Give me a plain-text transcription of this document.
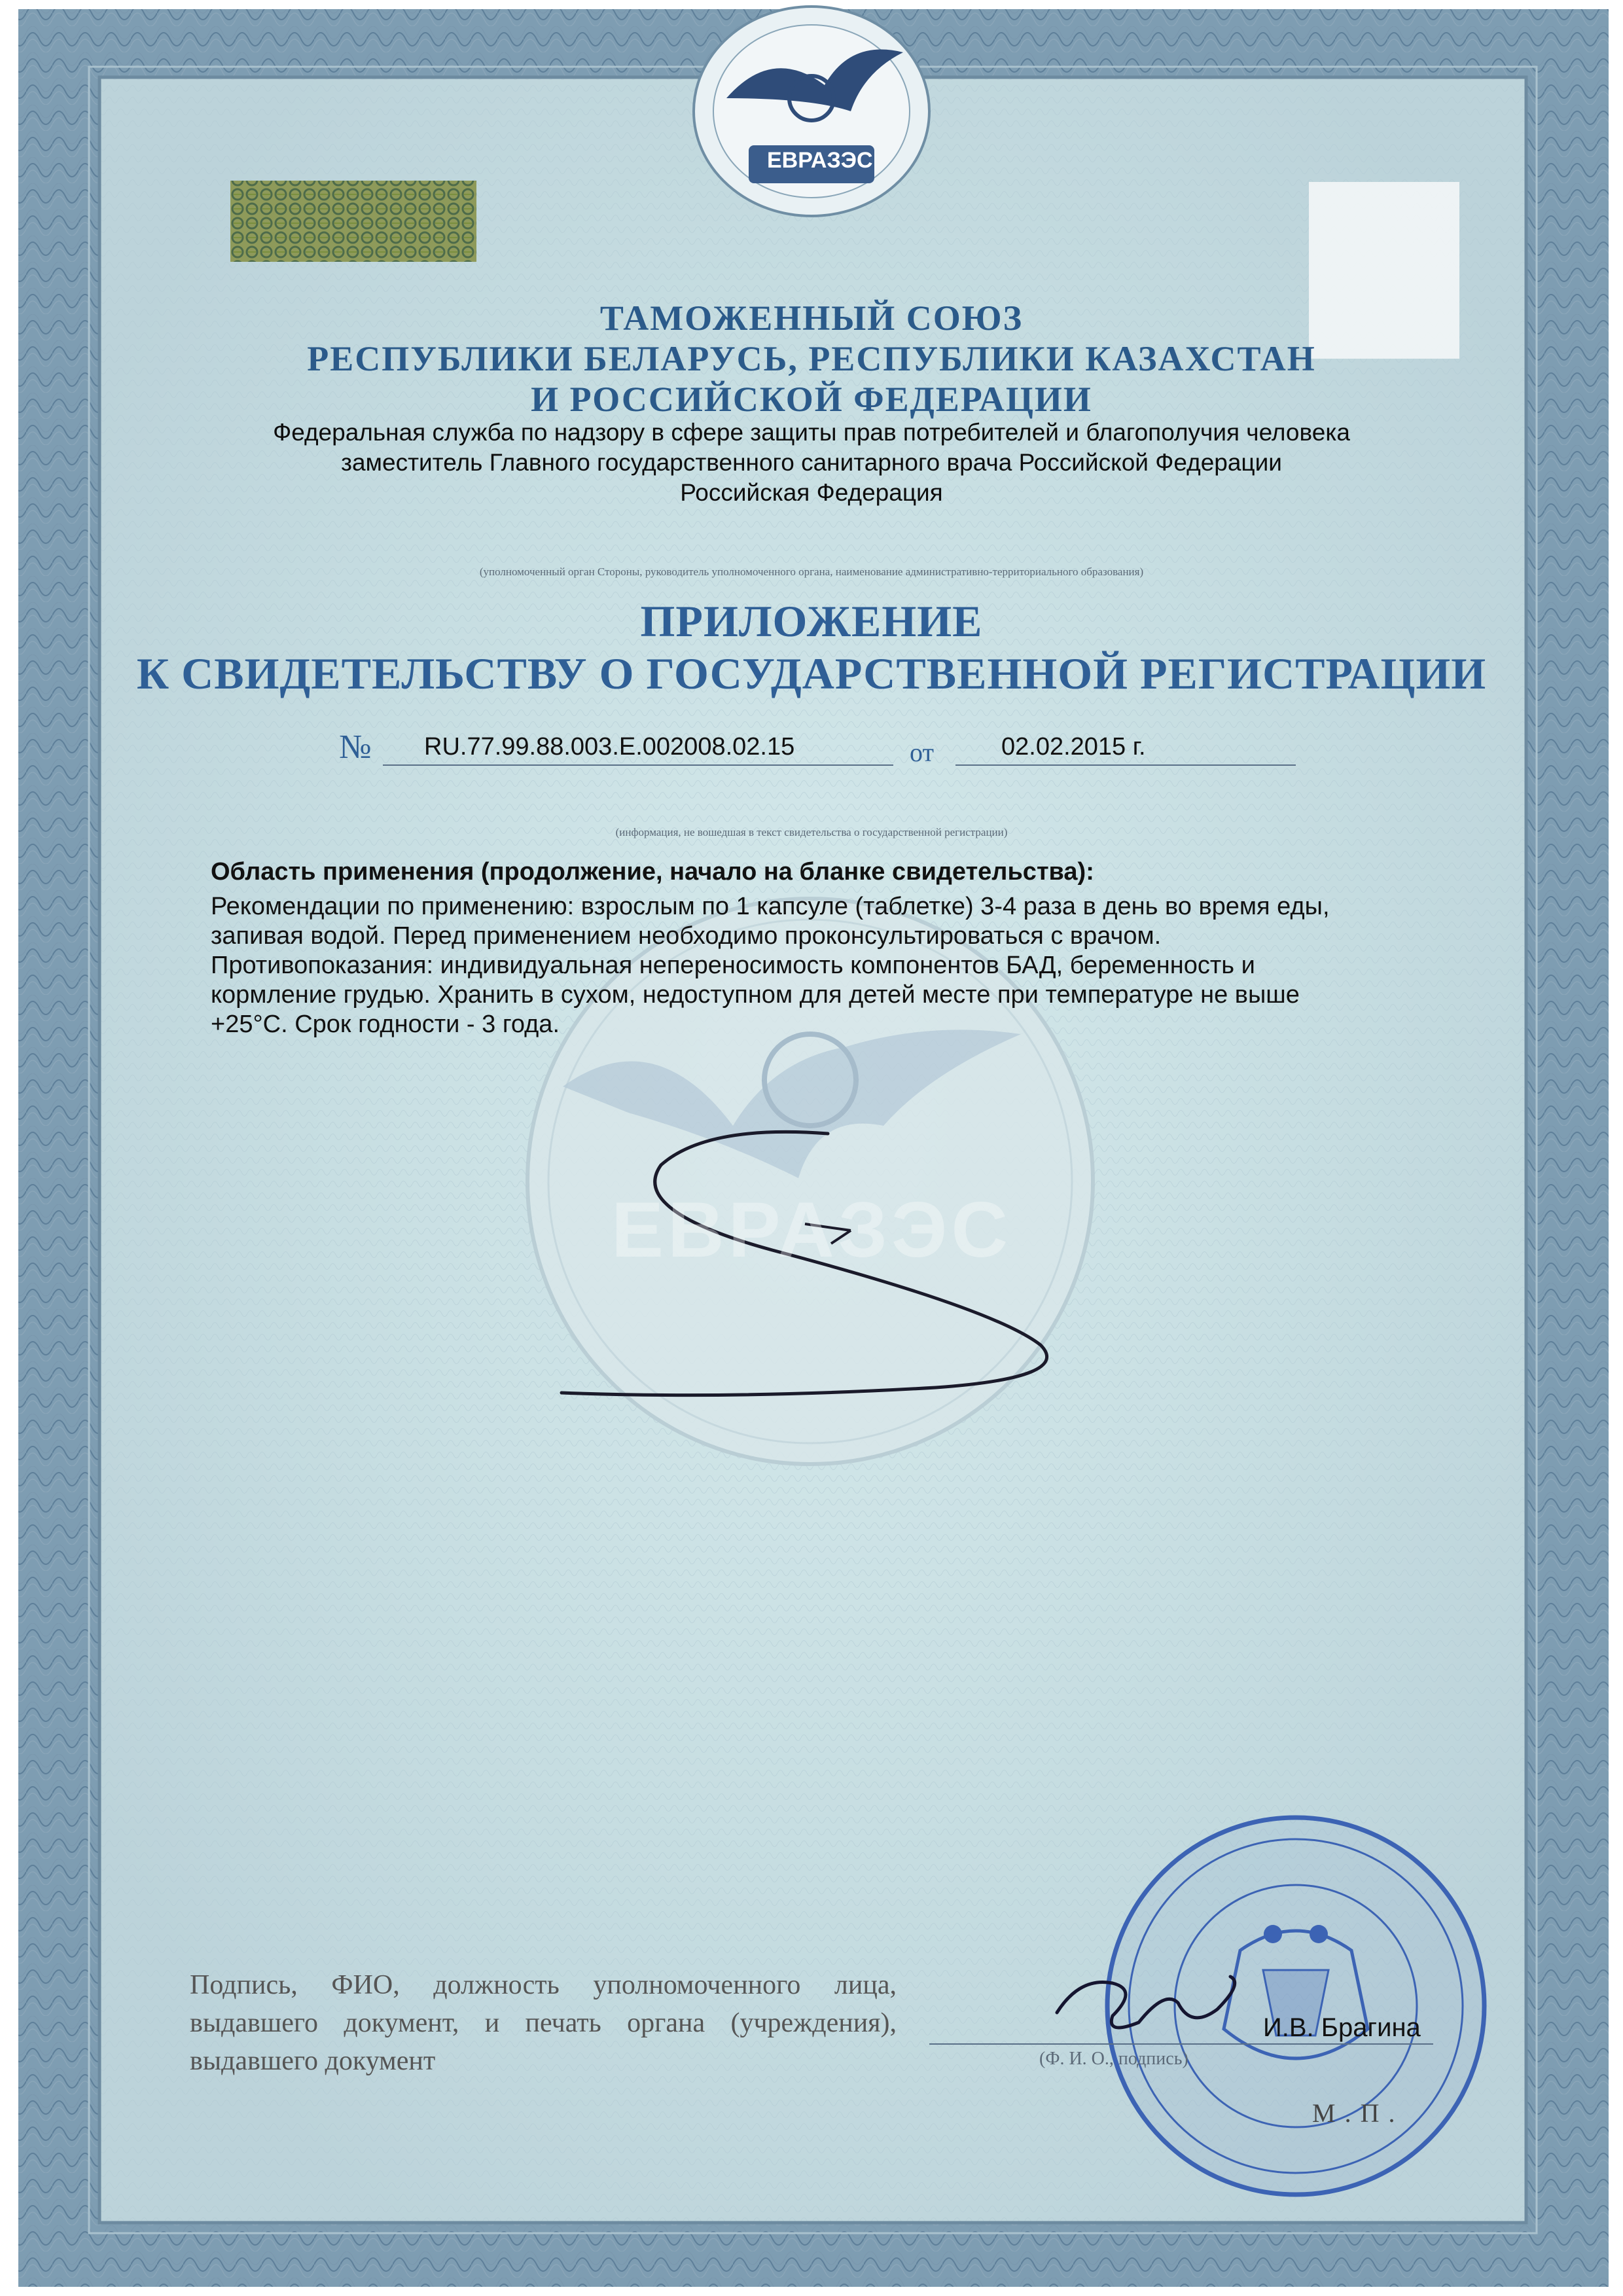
ЕВРАЗЭС
ЕВРАЗЭС
ТАМОЖЕННЫЙ СОЮЗ
РЕСПУБЛИКИ БЕЛАРУСЬ, РЕСПУБЛИКИ КАЗАХСТАН
И РОССИЙСКОЙ ФЕДЕРАЦИИ
Федеральная служба по надзору в сфере защиты прав потребителей и благополучия человека
заместитель Главного государственного санитарного врача Российской Федерации
Российская Федерация
(уполномоченный орган Стороны, руководитель уполномоченного органа, наименование административно-территориального образования)
ПРИЛОЖЕНИЕ
К СВИДЕТЕЛЬСТВУ О ГОСУДАРСТВЕННОЙ РЕГИСТРАЦИИ
№ RU.77.99.88.003.E.002008.02.15	от	02.02.2015 г.
(информация, не вошедшая в текст свидетельства о государственной регистрации)
Область применения (продолжение, начало на бланке свидетельства):
Рекомендации по применению: взрослым по 1 капсуле (таблетке) 3-4 раза в день во время еды,
запивая водой. Перед применением необходимо проконсультироваться с врачом.
Противопоказания: индивидуальная непереносимость компонентов БАД, беременность и
кормление грудью. Хранить в сухом, недоступном для детей месте при температуре не выше
+25°С. Срок годности - 3 года.
Подпись, ФИО, должность уполномоченного лица, выдавшего документ, и печать органа (учреждения), выдавшего документ	(Ф. И. О., подпись)
И.В. Брагина
М.П.
